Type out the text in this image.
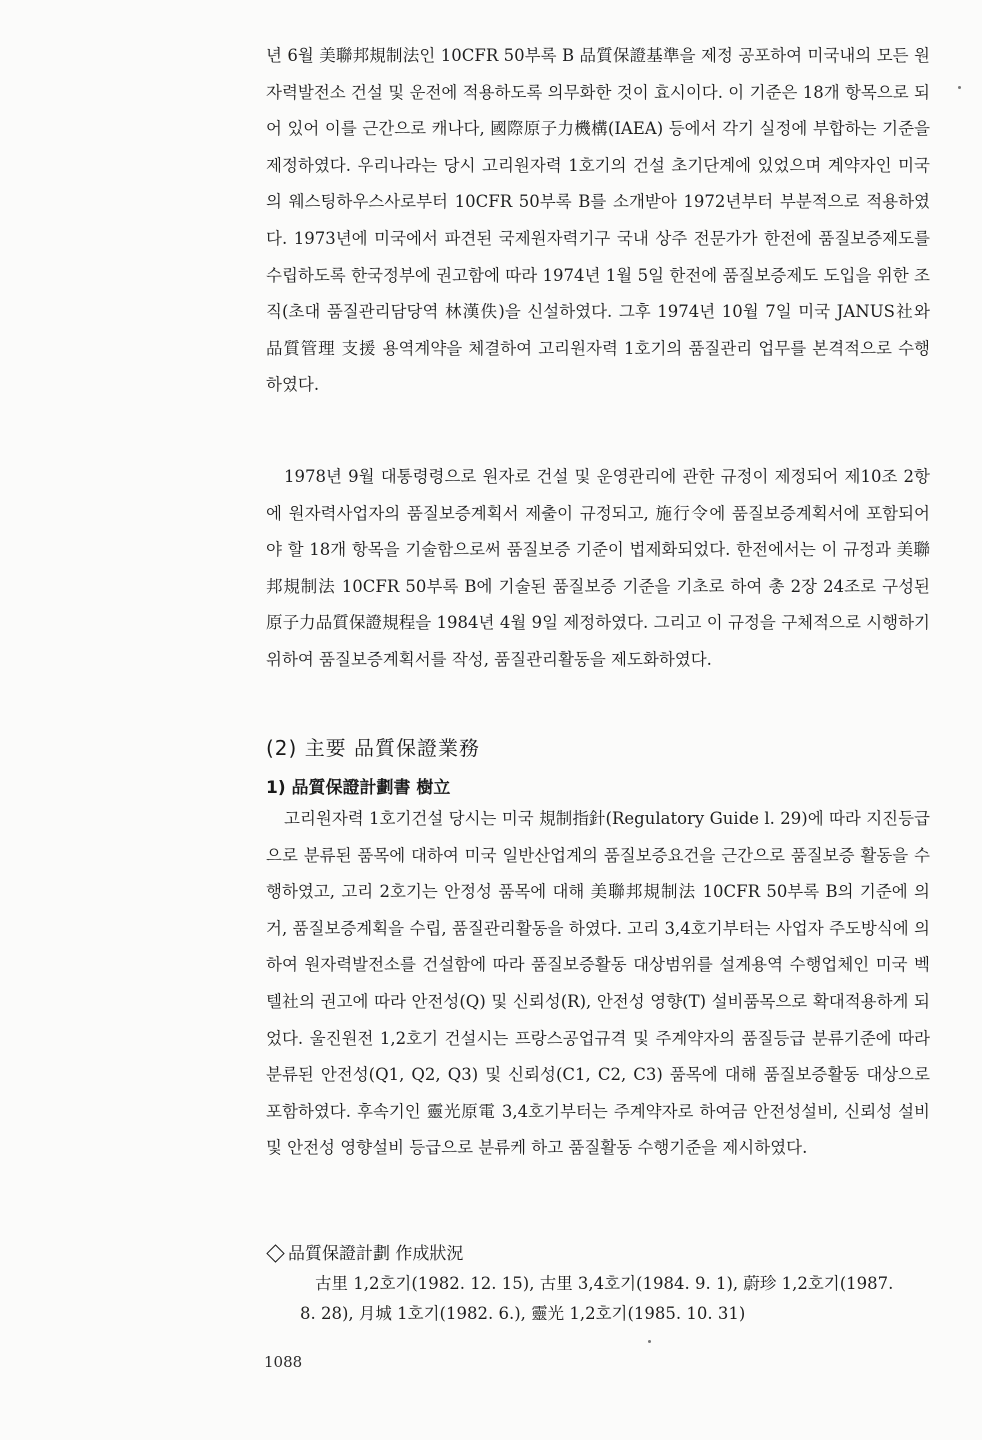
년 6월 美聯邦規制法인 10CFR 50부록 B 品質保證基準을 제정 공포하여 미국내의 모든 원자력발전소 건설 및 운전에 적용하도록 의무화한 것이 효시이다. 이 기준은 18개 항목으로 되어 있어 이를 근간으로 캐나다, 國際原子力機構(IAEA) 등에서 각기 실정에 부합하는 기준을 제정하였다. 우리나라는 당시 고리원자력 1호기의 건설 초기단계에 있었으며 계약자인 미국의 웨스팅하우스사로부터 10CFR 50부록 B를 소개받아 1972년부터 부분적으로 적용하였다. 1973년에 미국에서 파견된 국제원자력기구 국내 상주 전문가가 한전에 품질보증제도를 수립하도록 한국정부에 권고함에 따라 1974년 1월 5일 한전에 품질보증제도 도입을 위한 조직(초대 품질관리담당역 林漢佚)을 신설하였다. 그후 1974년 10월 7일 미국 JANUS社와 品質管理 支援 용역계약을 체결하여 고리원자력 1호기의 품질관리 업무를 본격적으로 수행하였다.

1978년 9월 대통령령으로 원자로 건설 및 운영관리에 관한 규정이 제정되어 제10조 2항에 원자력사업자의 품질보증계획서 제출이 규정되고, 施行令에 품질보증계획서에 포함되어야 할 18개 항목을 기술함으로써 품질보증 기준이 법제화되었다. 한전에서는 이 규정과 美聯邦規制法 10CFR 50부록 B에 기술된 품질보증 기준을 기초로 하여 총 2장 24조로 구성된 原子力品質保證規程을 1984년 4월 9일 제정하였다. 그리고 이 규정을 구체적으로 시행하기 위하여 품질보증계획서를 작성, 품질관리활동을 제도화하였다.

(2) 主要 品質保證業務
1) 品質保證計劃書 樹立

고리원자력 1호기건설 당시는 미국 規制指針(Regulatory Guide l. 29)에 따라 지진등급으로 분류된 품목에 대하여 미국 일반산업계의 품질보증요건을 근간으로 품질보증 활동을 수행하였고, 고리 2호기는 안정성 품목에 대해 美聯邦規制法 10CFR 50부록 B의 기준에 의거, 품질보증계획을 수립, 품질관리활동을 하였다. 고리 3,4호기부터는 사업자 주도방식에 의하여 원자력발전소를 건설함에 따라 품질보증활동 대상범위를 설계용역 수행업체인 미국 벡텔社의 권고에 따라 안전성(Q) 및 신뢰성(R), 안전성 영향(T) 설비품목으로 확대적용하게 되었다. 울진원전 1,2호기 건설시는 프랑스공업규격 및 주계약자의 품질등급 분류기준에 따라 분류된 안전성(Q1, Q2, Q3) 및 신뢰성(C1, C2, C3) 품목에 대해 품질보증활동 대상으로 포함하였다. 후속기인 靈光原電 3,4호기부터는 주계약자로 하여금 안전성설비, 신뢰성 설비 및 안전성 영향설비 등급으로 분류케 하고 품질활동 수행기준을 제시하였다.

品質保證計劃 作成狀況
古里 1,2호기(1982. 12. 15), 古里 3,4호기(1984. 9. 1), 蔚珍 1,2호기(1987.
8. 28), 月城 1호기(1982. 6.), 靈光 1,2호기(1985. 10. 31)
1088
